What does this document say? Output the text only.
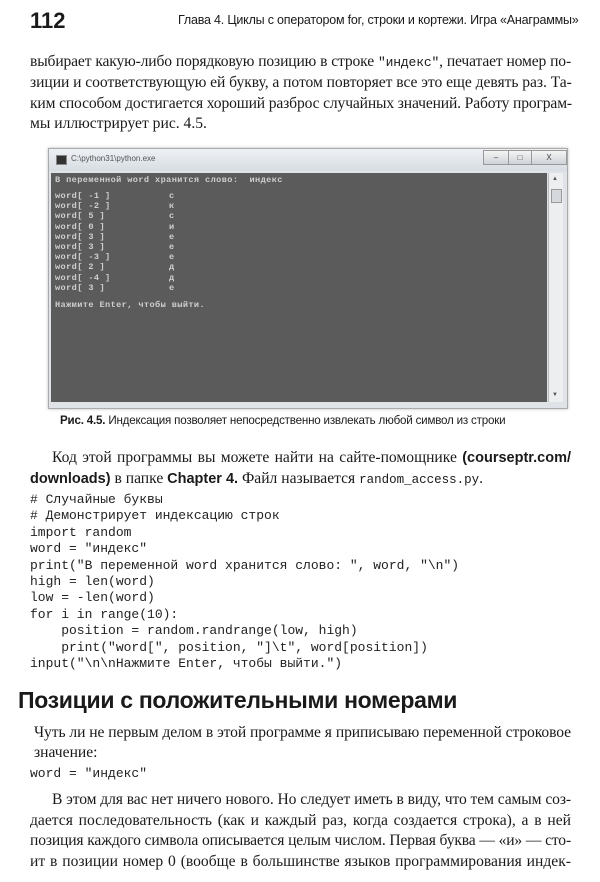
112	Глава 4. Циклы с оператором for, строки и кортежи. Игра «Анаграммы»
выбирает какую-либо порядковую позицию в строке "индекс", печатает номер по-
зиции и соответствующую ей букву, а потом повторяет все это еще девять раз. Та-
ким способом достигается хороший разброс случайных значений. Работу програм-
мы иллюстрирует рис. 4.5.
C:\python31\python.exe	–	□	X
В переменной word хранится слово:  индекс
Нажмите Enter, чтобы выйти.
word[ -1 ]	с
word[ -2 ]	к
word[ 5 ]	с
word[ 0 ]	и
word[ 3 ]	е
word[ 3 ]	е
word[ -3 ]	е
word[ 2 ]	д
word[ -4 ]	д
word[ 3 ]	е
▲
▼
Рис. 4.5. Индексация позволяет непосредственно извлекать любой символ из строки
Код этой программы вы можете найти на сайте-помощнике (courseptr.com/
downloads) в папке Chapter 4. Файл называется random_access.py.
# Случайные буквы
# Демонстрирует индексацию строк
import random
word = "индекс"
print("В переменной word хранится слово: ", word, "\n")
high = len(word)
low = -len(word)
for i in range(10):
position = random.randrange(low, high)
print("word[", position, "]\t", word[position])
input("\n\nНажмите Enter, чтобы выйти.")
Позиции с положительными номерами
Чуть ли не первым делом в этой программе я приписываю переменной строковое
значение:
word = "индекс"
В этом для вас нет ничего нового. Но следует иметь в виду, что тем самым соз-
дается последовательность (как и каждый раз, когда создается строка), а в ней
позиция каждого символа описывается целым числом. Первая буква — «и» — сто-
ит в позиции номер 0 (вообще в большинстве языков программирования индек-
